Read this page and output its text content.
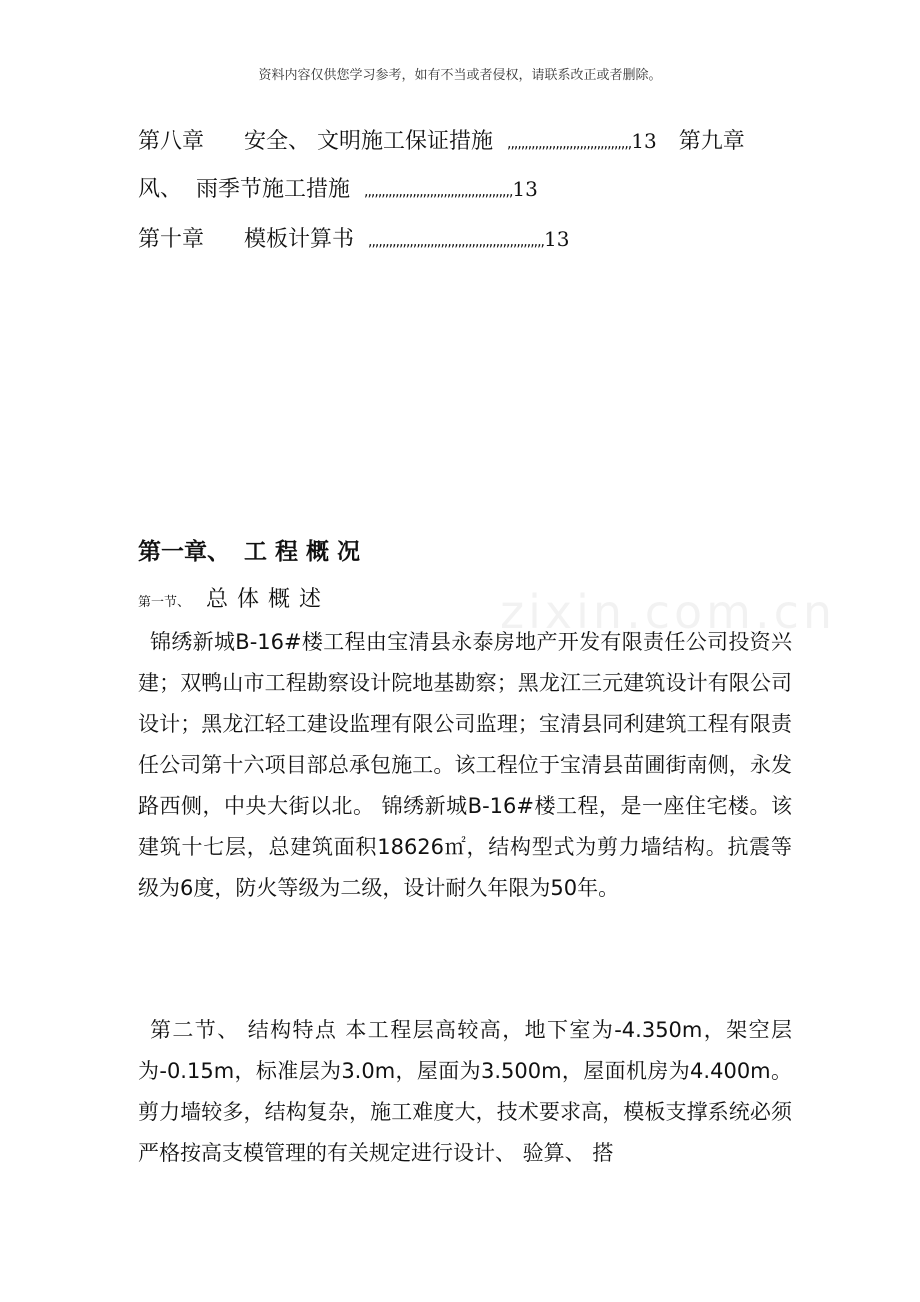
资料内容仅供您学习参考，如有不当或者侵权，请联系改正或者删除。
第八章 安全、 文明施工保证措施 ,,,,,,,,,,,,,,,,,,,,,,,,,,,,,,,,,,,,13 第九章
风、 雨季节施工措施 ,,,,,,,,,,,,,,,,,,,,,,,,,,,,,,,,,,,,,,,,,,,13
第十章 模板计算书 ,,,,,,,,,,,,,,,,,,,,,,,,,,,,,,,,,,,,,,,,,,,,,,,,,,,13
zixin.com.cn
第一章、 工程概况
第一节、 总体概述
锦绣新城B-16#楼工程由宝清县永泰房地产开发有限责任公司投资兴建；双鸭山市工程勘察设计院地基勘察；黑龙江三元建筑设计有限公司设计；黑龙江轻工建设监理有限公司监理；宝清县同利建筑工程有限责任公司第十六项目部总承包施工。该工程位于宝清县苗圃街南侧，永发路西侧，中央大街以北。 锦绣新城B-16#楼工程，是一座住宅楼。该建筑十七层，总建筑面积18626㎡，结构型式为剪力墙结构。抗震等级为6度，防火等级为二级，设计耐久年限为50年。
第二节、 结构特点 本工程层高较高，地下室为-4.350m，架空层为-0.15m，标准层为3.0m，屋面为3.500m，屋面机房为4.400m。剪力墙较多，结构复杂，施工难度大，技术要求高，模板支撑系统必须严格按高支模管理的有关规定进行设计、 验算、 搭
